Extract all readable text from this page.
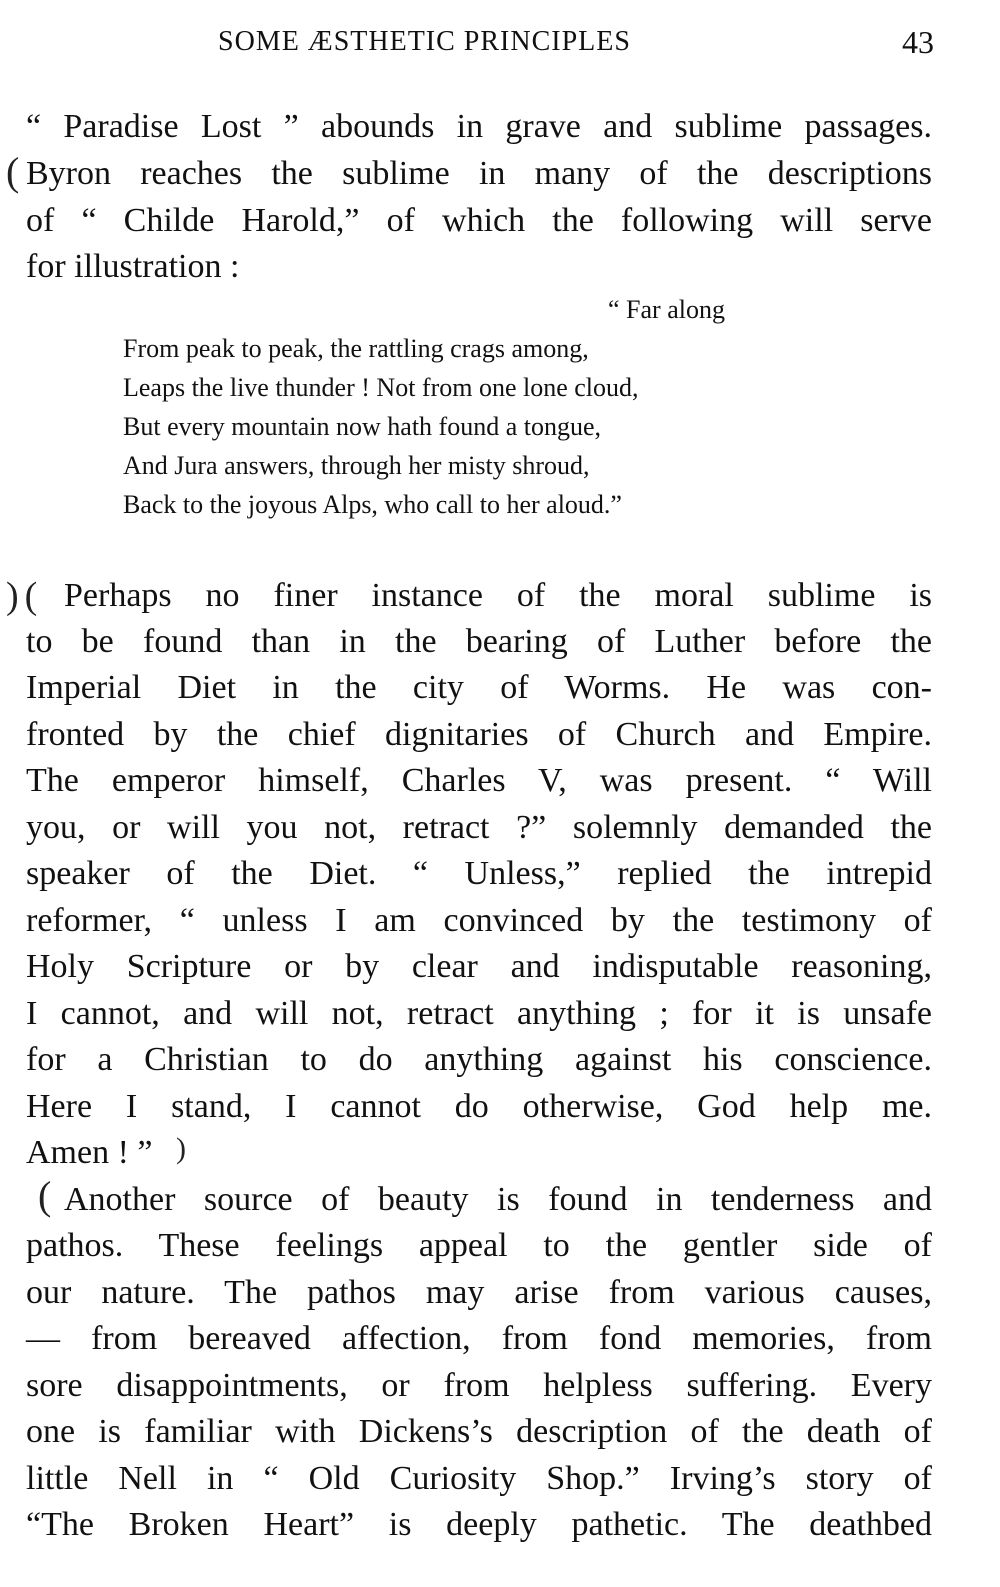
SOME ÆSTHETIC PRINCIPLES	43
“ Paradise Lost ” abounds in grave and sublime passages.
Byron reaches the sublime in many of the descriptions
of “ Childe Harold,” of which the following will serve
for illustration :
“ Far along
From peak to peak, the rattling crags among,
Leaps the live thunder ! Not from one lone cloud,
But every mountain now hath found a tongue,
And Jura answers, through her misty shroud,
Back to the joyous Alps, who call to her aloud.”
Perhaps no finer instance of the moral sublime is
to be found than in the bearing of Luther before the
Imperial Diet in the city of Worms. He was con-
fronted by the chief dignitaries of Church and Empire.
The emperor himself, Charles V, was present. “ Will
you, or will you not, retract ?” solemnly demanded the
speaker of the Diet. “ Unless,” replied the intrepid
reformer, “ unless I am convinced by the testimony of
Holy Scripture or by clear and indisputable reasoning,
I cannot, and will not, retract anything ; for it is unsafe
for a Christian to do anything against his conscience.
Here I stand, I cannot do otherwise, God help me.
Amen ! ”
Another source of beauty is found in tenderness and
pathos. These feelings appeal to the gentler side of
our nature. The pathos may arise from various causes,
— from bereaved affection, from fond memories, from
sore disappointments, or from helpless suffering. Every
one is familiar with Dickens’s description of the death of
little Nell in “ Old Curiosity Shop.” Irving’s story of
“The Broken Heart” is deeply pathetic. The deathbed
(
)(
)
(
